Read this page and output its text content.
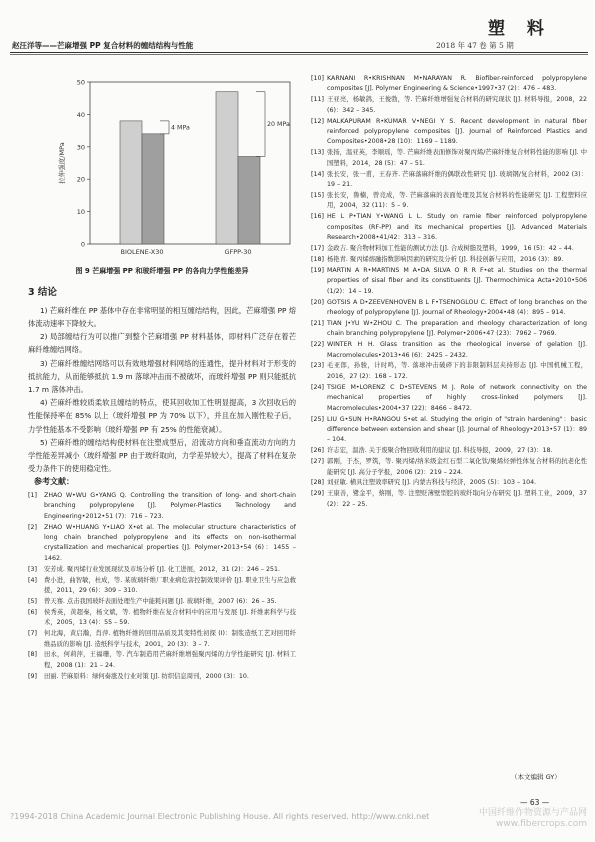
塑 料
2018 年 47 卷 第 5 期
赵汪洋等——芒麻增强 PP 复合材料的缠结结构与性能
0
10
20
30
40
50
拉伸强度/MPa
BIOLENE-X30
4 MPa
GFPP-30
20 MPa
图 9 芒麻增强 PP 和玻纤增强 PP 的各向力学性能差异
3 结论

1) 芒麻纤维在 PP 基体中存在非常明显的相互缠结结构，因此，芒麻增强 PP 熔体流动速率下降较大。

2) 局部缠结行为可以推广到整个芒麻增强 PP 材料基体，即材料广泛存在着芒麻纤维缠结网络。

3) 芒麻纤维缠结网络可以有效地增强材料网络的连通性，提升材料对于形变的抵抗能力，从而能够抵抗 1.9 m 落球冲击而不被破坏，而玻纤增强 PP 则只能抵抗 1.7 m 落体冲击。

4) 芒麻纤维较质柔软且缠结的特点，使其回收加工性明显提高，3 次回收后的性能保持率在 85% 以上（玻纤增强 PP 为 70% 以下），并且在加入刚性粒子后，力学性能基本不受影响（玻纤增强 PP 有 25% 的性能衰减）。

5) 芒麻纤维的缠结结构使材料在注塑成型后，沿流动方向和垂直流动方向的力学性能差异减小（玻纤增强 PP 由于玻纤取向，力学差异较大），提高了材料在复杂受力条件下的使用稳定性。

参考文献：
[1]	ZHAO W•WU G•YANG Q. Controlling the transition of long- and short-chain branching polypropylene [J]. Polymer-Plastics Technology and Engineering•2012•51 (7)：716 – 723.
[2]	ZHAO W•HUANG Y•LIAO X•et al. The molecular structure characteristics of long chain branched polypropylene and its effects on non-isothermal crystallization and mechanical properties [J]. Polymer•2013•54 (6)：1455 – 1462.
[3]	安芳成. 聚丙烯行业发展现状及市场分析 [J]. 化工进展，2012，31 (2)：246 – 251.
[4]	费小进，曲智敏，杜成，等. 某玻璃纤维厂职业病危害控制效果评价 [J]. 职业卫生与应急救援，2011，29 (6)：309 – 310.
[5]	曾天骞. 点击我国玻纤表面处理生产中能耗问题 [J]. 玻璃纤维，2007 (6)：26 – 35.
[6]	侯秀英，黄超秦，杨文斌，等. 植物纤维在复合材料中的应用与发展 [J]. 纤维素科学与技术，2005，13 (4)：55 – 59.
[7]	何北海，黄启瀚，肖萍. 植物纤维的回用品质及其变特性初探 (I)：制浆造纸工艺对回用纤维品质的影响 [J]. 造纸科学与技术，2001，20 (3)：3 – 7.
[8]	田永，何莉萍，王福珊，等. 汽车制造用芒麻纤维增强聚丙烯的力学性能研究 [J]. 材料工程，2008 (1)：21 – 24.
[9]	田丽. 芒麻原料：绿何奏涨及行业对策 [J]. 纺织信息周刊，2000 (3)：10.
[10] KARNANI R•KRISHNAN M•NARAYAN R. Biofiber-reinforced polypropylene composites [J]. Polymer Engineering & Science•1997•37 (2)：476 – 483.
[11] 王亚亮，杨敏鸽，王俊勃，等. 芒麻纤维增强复合材料的研究现状 [J]. 材料导报，2008，22 (6)：342 – 345.
[12] MALKAPURAM R•KUMAR V•NEGI Y S. Recent development in natural fiber reinforced polypropylene composites [J]. Journal of Reinforced Plastics and Composites•2008•28 (10)：1169 – 1189.
[13] 张扬，温亚英，李顺瑶，等. 芒麻纤维表面修饰对聚丙烯/芒麻纤维复合材料性能的影响 [J]. 中国塑料，2014，28 (5)：47 – 51.
[14] 张长安，张一甫，王春齐. 芒麻落麻纤维的偶联改性研究 [J]. 玻璃钢/复合材料，2002 (3)：19 – 21.
[15] 张长安，鲁楠，曾竞成，等. 芒麻落麻的表面处理及其复合材料的性能研究 [J]. 工程塑料应用，2004，32 (11)：5 – 9.
[16] HE L P•TIAN Y•WANG L L. Study on ramie fiber reinforced polypropylene composites (RF-PP) and its mechanical properties [J]. Advanced Materials Research•2008•41/42：313 – 316.
[17] 金政吉. 聚合物材料加工性能的测试方法 [J]. 合成树脂及塑料，1999，16 (5)：42 – 44.
[18] 杨艳青. 聚丙烯熔融指数影响因素的研究及分析 [J]. 科技创新与应用，2016 (3)：89.
[19] MARTIN A R•MARTINS M A•DA SILVA O R R F•et al. Studies on the thermal properties of sisal fiber and its constituents [J]. Thermochimica Acta•2010•506 (1/2)：14 – 19.
[20] GOTSIS A D•ZEEVENHOVEN B L F•TSENOGLOU C. Effect of long branches on the rheology of polypropylene [J]. Journal of Rheology•2004•48 (4)：895 – 914.
[21] TIAN J•YU W•ZHOU C. The preparation and rheology characterization of long chain branching polypropylene [J]. Polymer•2006•47 (23)：7962 – 7969.
[22] WINTER H H. Glass transition as the rheological inverse of gelation [J]. Macromolecules•2013•46 (6)：2425 – 2432.
[23] 毛亚郎，孙骏，计时鸣，等. 落球冲击破碎下的非限制料层夹持形态 [J]. 中国机械工程，2016，27 (2)：168 – 172.
[24] TSIGE M•LORENZ C D•STEVENS M J. Role of network connectivity on the mechanical properties of highly cross-linked polymers [J]. Macromolecules•2004•37 (22)：8466 – 8472.
[25] LIU G•SUN H•RANGOU S•et al. Studying the origin of "strain hardening"：basic difference between extension and shear [J]. Journal of Rheology•2013•57 (1)：89 – 104.
[26] 许志宏，温浩. 关于废聚合物回收利用的建议 [J]. 科技导报，2009，27 (3)：18.
[27] 郭刚，于杰，罗筑，等. 聚丙烯/纳米级金红石型二氧化钛/聚烯烃弹性体复合材料的抗老化性能研究 [J]. 高分子学报，2006 (2)：219 – 224.
[28] 刘亚敏. 横具注塑效率研究 [J]. 内蒙古科技与经济，2005 (5)：103 – 104.
[29] 王康善，鹭金平，蔡刚，等. 注塑贬薄壁型腔的玻纤取向分布研究 [J]. 塑料工业，2009，37 (2)：22 – 25.
（本文编辑 GY）
— 63 —
?1994-2018 China Academic Journal Electronic Publishing House. All rights reserved. http://www.cnki.net	中国纤维作物资源与产品网
www.fibercrops.com
